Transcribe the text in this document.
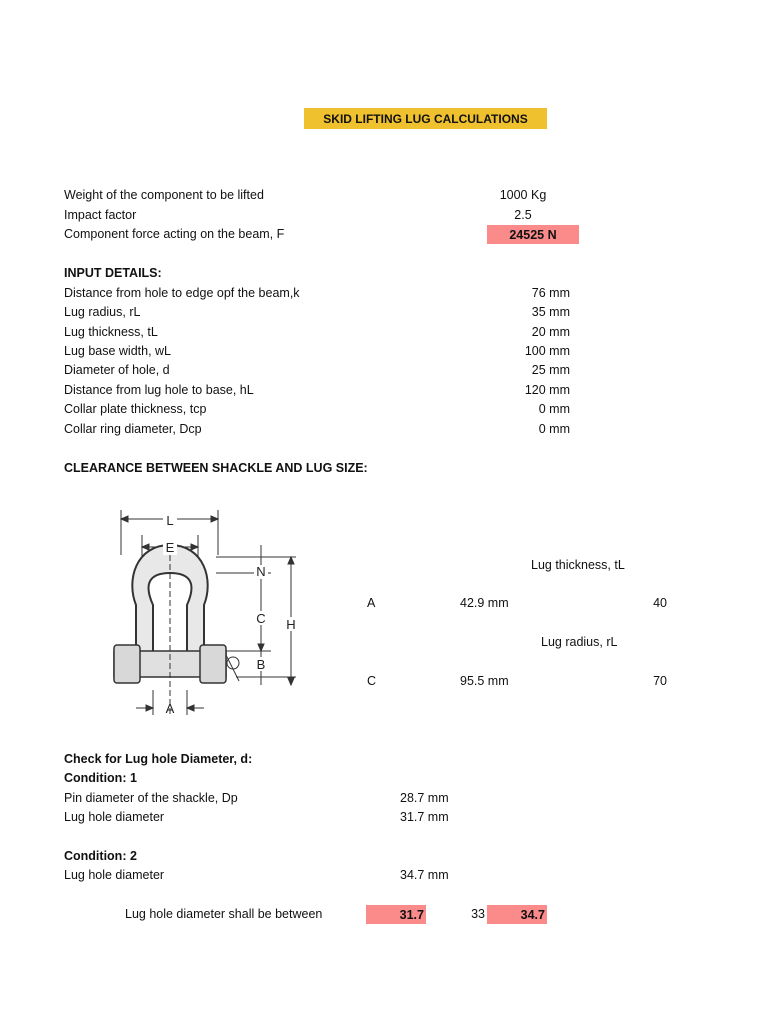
SKID LIFTING LUG CALCULATIONS
Weight of the component to be lifted	1000 Kg
Impact factor	2.5
Component force acting on the beam, F	24525 N
INPUT DETAILS:
Distance from hole to edge opf the beam,k	76 mm
Lug radius, rL	35 mm
Lug thickness, tL	20 mm
Lug base width, wL	100 mm
Diameter of hole, d	25 mm
Distance from lug hole to base, hL	120 mm
Collar plate thickness, tcp	0 mm
Collar ring diameter, Dcp	0 mm
CLEARANCE BETWEEN SHACKLE AND LUG SIZE:
L
E
N
C H
B
A
Lug thickness, tL
A	42.9 mm	40
Lug radius, rL
C	95.5 mm	70
Check for Lug hole Diameter, d:
Condition: 1
Pin diameter of the shackle, Dp	28.7 mm
Lug hole diameter	31.7 mm
Condition: 2
Lug hole diameter	34.7 mm
Lug hole diameter shall be between	31.7	33	34.7
